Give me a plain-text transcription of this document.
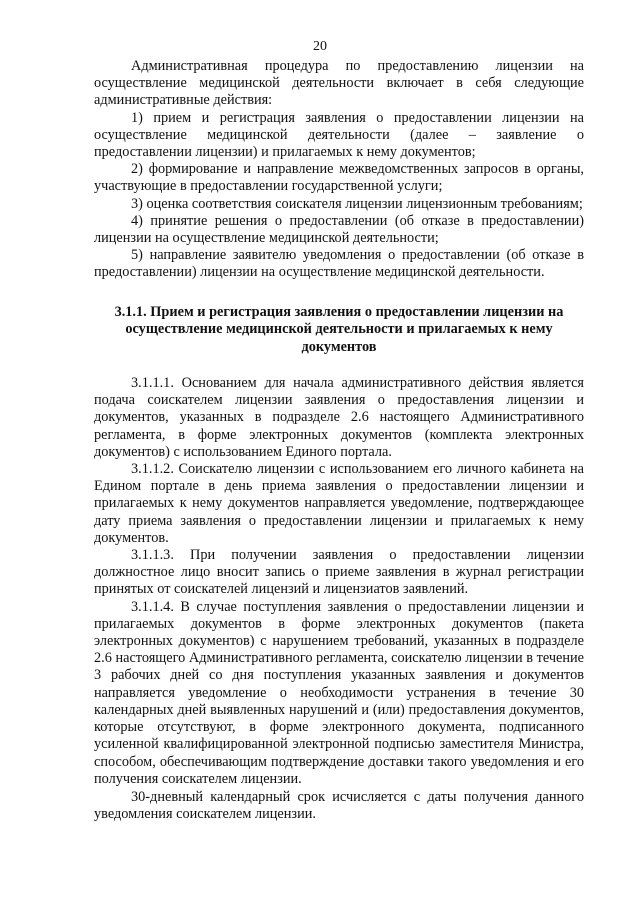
20

Административная процедура по предоставлению лицензии на осуществление медицинской деятельности включает в себя следующие административные действия:

1) прием и регистрация заявления о предоставлении лицензии на осуществление медицинской деятельности (далее – заявление о предоставлении лицензии) и прилагаемых к нему документов;

2) формирование и направление межведомственных запросов в органы, участвующие в предоставлении государственной услуги;

3) оценка соответствия соискателя лицензии лицензионным требованиям;

4) принятие решения о предоставлении (об отказе в предоставлении) лицензии на осуществление медицинской деятельности;

5) направление заявителю уведомления о предоставлении (об отказе в предоставлении) лицензии на осуществление медицинской деятельности.

3.1.1. Прием и регистрация заявления о предоставлении лицензии на осуществление медицинской деятельности и прилагаемых к нему документов

3.1.1.1. Основанием для начала административного действия является подача соискателем лицензии заявления о предоставления лицензии и документов, указанных в подразделе 2.6 настоящего Административного регламента, в форме электронных документов (комплекта электронных документов) с использованием Единого портала.

3.1.1.2. Соискателю лицензии с использованием его личного кабинета на Едином портале в день приема заявления о предоставлении лицензии и прилагаемых к нему документов направляется уведомление, подтверждающее дату приема заявления о предоставлении лицензии и прилагаемых к нему документов.

3.1.1.3. При получении заявления о предоставлении лицензии должностное лицо вносит запись о приеме заявления в журнал регистрации принятых от соискателей лицензий и лицензиатов заявлений.

3.1.1.4. В случае поступления заявления о предоставлении лицензии и прилагаемых документов в форме электронных документов (пакета электронных документов) с нарушением требований, указанных в подразделе 2.6 настоящего Административного регламента, соискателю лицензии в течение 3 рабочих дней со дня поступления указанных заявления и документов направляется уведомление о необходимости устранения в течение 30 календарных дней выявленных нарушений и (или) предоставления документов, которые отсутствуют, в форме электронного документа, подписанного усиленной квалифицированной электронной подписью заместителя Министра, способом, обеспечивающим подтверждение доставки такого уведомления и его получения соискателем лицензии.

30-дневный календарный срок исчисляется с даты получения данного уведомления соискателем лицензии.
